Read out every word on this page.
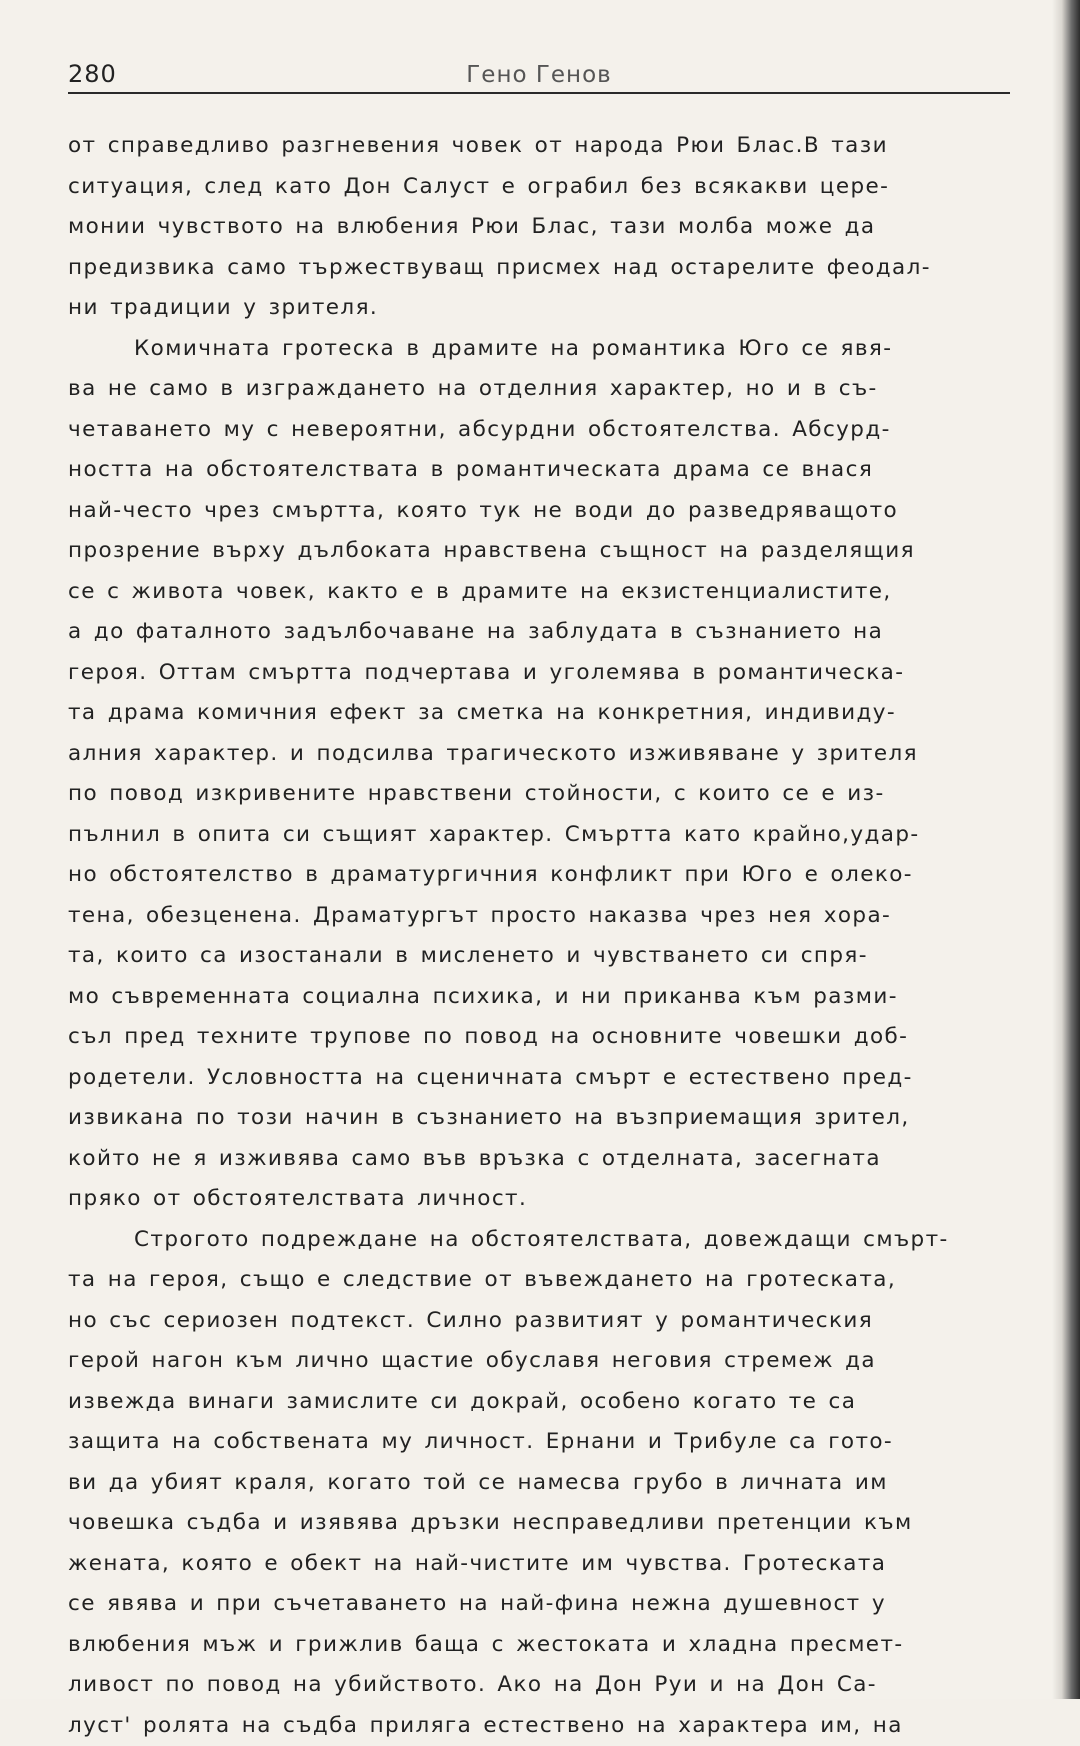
280	Гено Генов
от справедливо разгневения човек от народа Рюи Блас.В тази
ситуация, след като Дон Салуст е ограбил без всякакви цере-
монии чувството на влюбения Рюи Блас, тази молба може да
предизвика само тържествуващ присмех над остарелите феодал-
ни традиции у зрителя.
Комичната гротеска в драмите на романтика Юго се явя-
ва не само в изграждането на отделния характер, но и в съ-
четаването му с невероятни, абсурдни обстоятелства. Абсурд-
ността на обстоятелствата в романтическата драма се внася
най-често чрез смъртта, която тук не води до разведряващото
прозрение върху дълбоката нравствена същност на разделящия
се с живота човек, както е в драмите на екзистенциалистите,
а до фаталното задълбочаване на заблудата в съзнанието на
героя. Оттам смъртта подчертава и уголемява в романтическа-
та драма комичния ефект за сметка на конкретния, индивиду-
алния характер. и подсилва трагическото изживяване у зрителя
по повод изкривените нравствени стойности, с които се е из-
пълнил в опита си същият характер. Смъртта като крайно,удар-
но обстоятелство в драматургичния конфликт при Юго е олеко-
тена, обезценена. Драматургът просто наказва чрез нея хора-
та, които са изостанали в мисленето и чувстването си спря-
мо съвременната социална психика, и ни приканва към разми-
съл пред техните трупове по повод на основните човешки доб-
родетели. Условността на сценичната смърт е естествено пред-
извикана по този начин в съзнанието на възприемащия зрител,
който не я изживява само във връзка с отделната, засегната
пряко от обстоятелствата личност.
Строгото подреждане на обстоятелствата, довеждащи смърт-
та на героя, също е следствие от въвеждането на гротеската,
но със сериозен подтекст. Силно развитият у романтическия
герой нагон към лично щастие обуславя неговия стремеж да
извежда винаги замислите си докрай, особено когато те са
защита на собствената му личност. Ернани и Трибуле са гото-
ви да убият краля, когато той се намесва грубо в личната им
човешка съдба и изявява дръзки несправедливи претенции към
жената, която е обект на най-чистите им чувства. Гротеската
се явява и при съчетаването на най-фина нежна душевност у
влюбения мъж и грижлив баща с жестоката и хладна пресмет-
ливост по повод на убийството. Ако на Дон Руи и на Дон Са-
луст' ролята на съдба прилягa естествено на характера им, на
